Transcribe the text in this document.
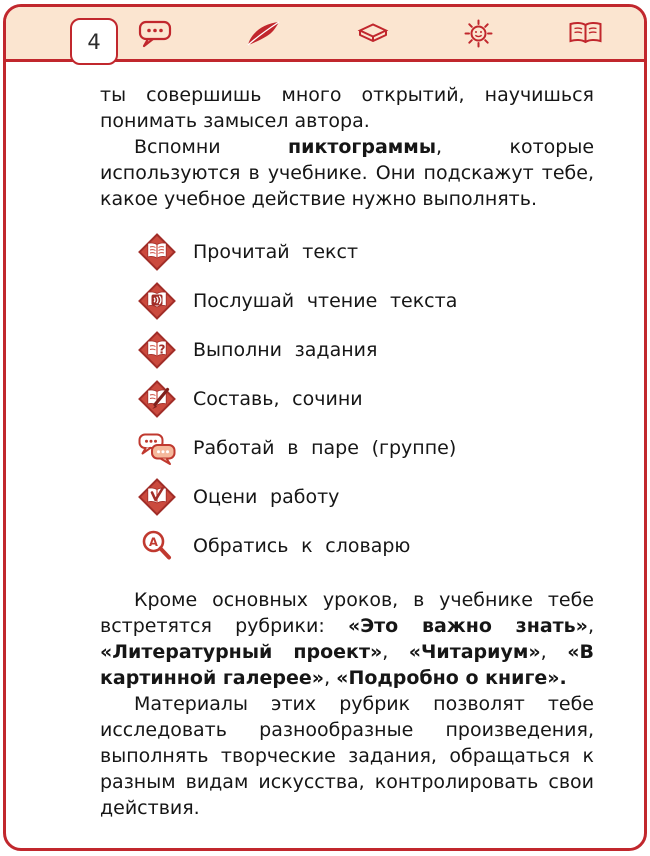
4

ты совершишь много открытий, научишься понимать замысел автора.

Вспомни пиктограммы, которые используются в учебнике. Они подскажут тебе, какое учебное действие нужно выполнять.

Прочитай текст
Послушай чтение текста
? Выполни задания
Составь, сочини
Работай в паре (группе)
Оцени работу
А Обратись к словарю

Кроме основных уроков, в учебнике тебе встретятся рубрики: «Это важно знать», «Литературный проект», «Читариум», «В картинной галерее», «Подробно о книге».

Материалы этих рубрик позволят тебе исследовать разнообразные произведения, выполнять творческие задания, обращаться к разным видам искусства, контролировать свои действия.
